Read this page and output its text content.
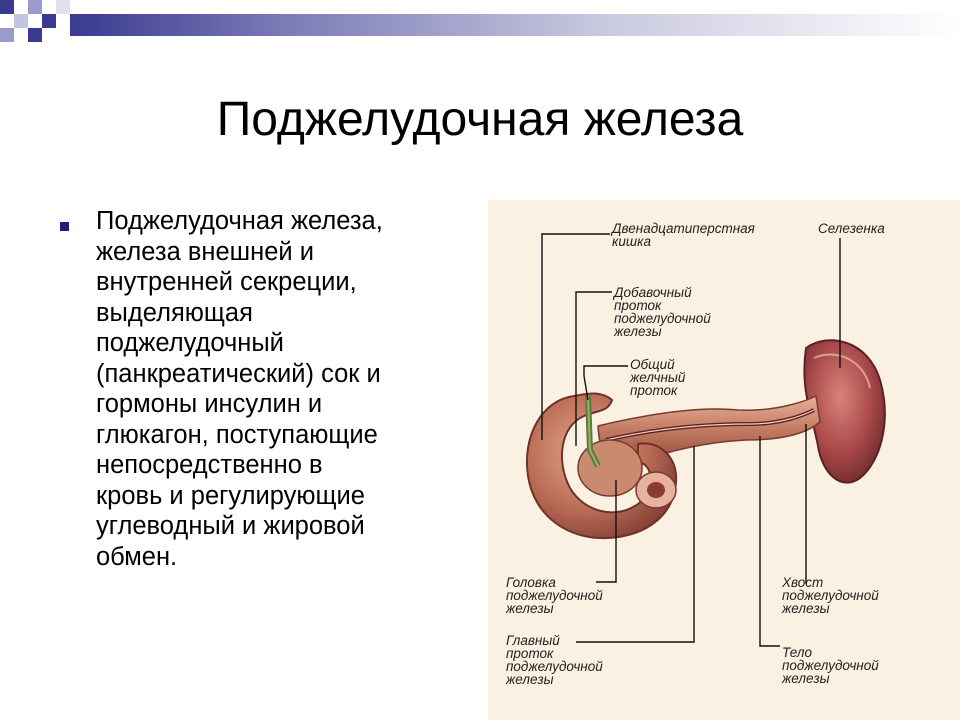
Поджелудочная железа
Поджелудочная железа,
железа внешней и
внутренней секреции,
выделяющая
поджелудочный
(панкреатический) сок и
гормоны инсулин и
глюкагон, поступающие
непосредственно в
кровь и регулирующие
углеводный и жировой
обмен.
Двенадцатиперстная
кишка
Селезенка
Добавочный
проток
поджелудочной
железы
Общий
желчный
проток
Головка
поджелудочной
железы
Главный
проток
поджелудочной
железы
Хвост
поджелудочной
железы
Тело
поджелудочной
железы
